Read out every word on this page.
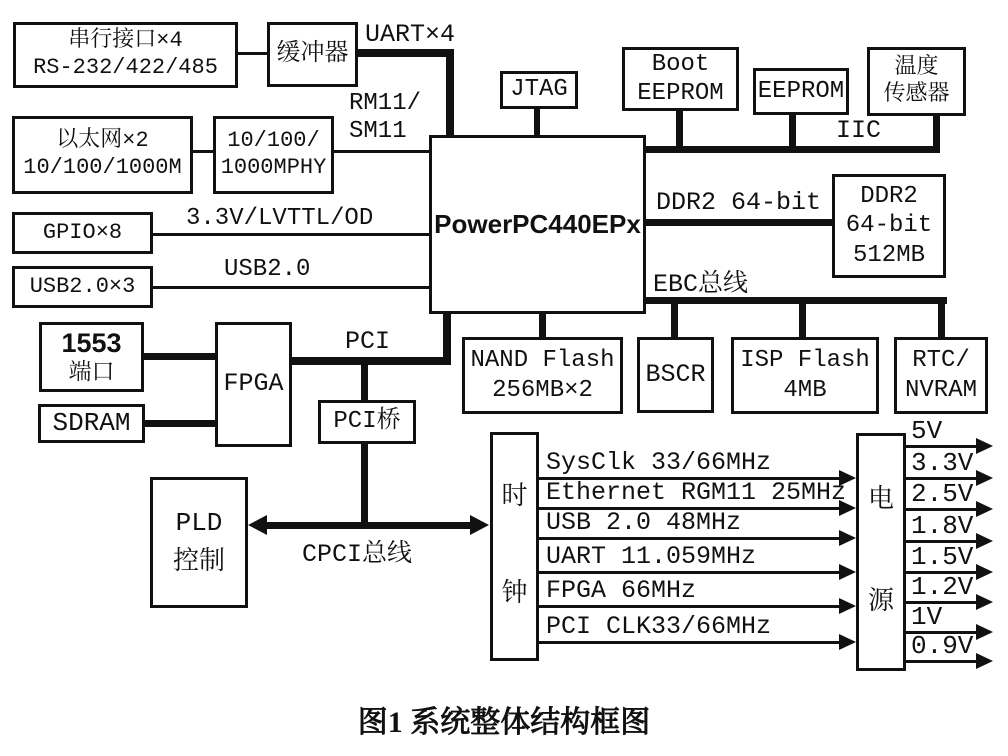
串行接口×4
RS-232/422/485 缓冲器
以太网×2
10/100/1000M
10/100/
1000MPHY
GPIO×8
USB2.0×3
1553
端口
SDRAM
FPGA
PLD
控制
PCI桥
PowerPC440EPx
JTAG
Boot
EEPROM EEPROM
温度
传感器
DDR2
64-bit
512MB
NAND Flash
256MB×2
BSCR ISP Flash
4MB
RTC/
NVRAM
时
钟
电
源
UART×4
RM11/
SM11
3.3V/LVTTL/OD
USB2.0
PCI
CPCI总线
DDR2 64-bit
EBC总线
IIC
SysClk 33/66MHz
Ethernet RGM11 25MHz
USB 2.0 48MHz
UART 11.059MHz
FPGA 66MHz
PCI CLK33/66MHz
5V
3.3V
2.5V
1.8V
1.5V
1.2V
1V
0.9V
图1 系统整体结构框图
